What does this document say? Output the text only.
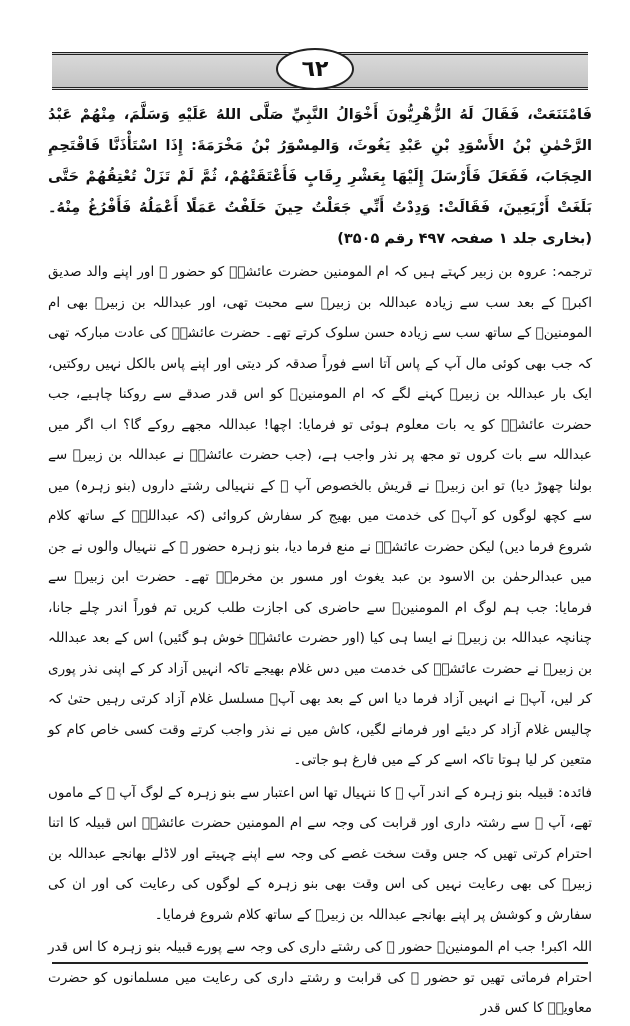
٦٢

فَامْتَنَعَتْ، فَقَالَ لَهُ الزُّهْرِيُّونَ أَخْوَالُ النَّبِيِّ صَلَّى اللهُ عَلَيْهِ وَسَلَّمَ، مِنْهُمْ عَبْدُ الرَّحْمٰنِ بْنُ الأَسْوَدِ بْنِ عَبْدِ يَغُوثَ، وَالمِسْوَرُ بْنُ مَخْرَمَةَ: إِذَا اسْتَأْذَنَّا فَاقْتَحِمِ الحِجَابَ، فَفَعَلَ فَأَرْسَلَ إِلَيْهَا بِعَشْرِ رِقَابٍ فَأَعْتَقَتْهُمْ، ثُمَّ لَمْ تَزَلْ تُعْتِقُهُمْ حَتَّى بَلَغَتْ أَرْبَعِينَ، فَقَالَتْ: وَدِدْتُ أَنِّي جَعَلْتُ حِينَ حَلَفْتُ عَمَلًا أَعْمَلُهُ فَأَفْرُغُ مِنْهُ۔ (بخاری جلد ۱ صفحہ ۴۹۷ رقم ۳۵۰۵)

ترجمہ: عروہ بن زبیر کہتے ہیں کہ ام المومنین حضرت عائشہؓ کو حضور ﷺ اور اپنے والد صدیق اکبرؓ کے بعد سب سے زیادہ عبداللہ بن زبیرؓ سے محبت تھی، اور عبداللہ بن زبیرؓ بھی ام المومنینؓ کے ساتھ سب سے زیادہ حسن سلوک کرتے تھے۔ حضرت عائشہؓ کی عادت مبارکہ تھی کہ جب بھی کوئی مال آپ کے پاس آتا اسے فوراً صدقہ کر دیتی اور اپنے پاس بالکل نہیں روکتیں، ایک بار عبداللہ بن زبیرؓ کہنے لگے کہ ام المومنینؓ کو اس قدر صدقے سے روکنا چاہیے، جب حضرت عائشہؓ کو یہ بات معلوم ہوئی تو فرمایا: اچھا! عبداللہ مجھے روکے گا؟ اب اگر میں عبداللہ سے بات کروں تو مجھ پر نذر واجب ہے، (جب حضرت عائشہؓ نے عبداللہ بن زبیرؓ سے بولنا چھوڑ دیا) تو ابن زبیرؓ نے قریش بالخصوص آپ ﷺ کے ننہیالی رشتے داروں (بنو زہرہ) میں سے کچھ لوگوں کو آپؓ کی خدمت میں بھیج کر سفارش کروائی (کہ عبداللہؓ کے ساتھ کلام شروع فرما دیں) لیکن حضرت عائشہؓ نے منع فرما دیا، بنو زہرہ حضور ﷺ کے ننہیال والوں نے جن میں عبدالرحمٰن بن الاسود بن عبد یغوث اور مسور بن مخرمہؓ تھے۔ حضرت ابن زبیرؓ سے فرمایا: جب ہم لوگ ام المومنینؓ سے حاضری کی اجازت طلب کریں تم فوراً اندر چلے جانا، چنانچہ عبداللہ بن زبیرؓ نے ایسا ہی کیا (اور حضرت عائشہؓ خوش ہو گئیں) اس کے بعد عبداللہ بن زبیرؓ نے حضرت عائشہؓ کی خدمت میں دس غلام بھیجے تاکہ انہیں آزاد کر کے اپنی نذر پوری کر لیں، آپؓ نے انہیں آزاد فرما دیا اس کے بعد بھی آپؓ مسلسل غلام آزاد کرتی رہیں حتیٰ کہ چالیس غلام آزاد کر دیئے اور فرمانے لگیں، کاش میں نے نذر واجب کرتے وقت کسی خاص کام کو متعین کر لیا ہوتا تاکہ اسے کر کے میں فارغ ہو جاتی۔

فائدہ: قبیلہ بنو زہرہ کے اندر آپ ﷺ کا ننہیال تھا اس اعتبار سے بنو زہرہ کے لوگ آپ ﷺ کے ماموں تھے، آپ ﷺ سے رشتہ داری اور قرابت کی وجہ سے ام المومنین حضرت عائشہؓ اس قبیلہ کا اتنا احترام کرتی تھیں کہ جس وقت سخت غصے کی وجہ سے اپنے چہیتے اور لاڈلے بھانجے عبداللہ بن زبیرؓ کی بھی رعایت نہیں کی اس وقت بھی بنو زہرہ کے لوگوں کی رعایت کی اور ان کی سفارش و کوشش پر اپنے بھانجے عبداللہ بن زبیرؓ کے ساتھ کلام شروع فرمایا۔

اللہ اکبر! جب ام المومنینؓ حضور ﷺ کی رشتے داری کی وجہ سے پورے قبیلہ بنو زہرہ کا اس قدر احترام فرماتی تھیں تو حضور ﷺ کی قرابت و رشتے داری کی رعایت میں مسلمانوں کو حضرت معاویہؓ کا کس قدر
